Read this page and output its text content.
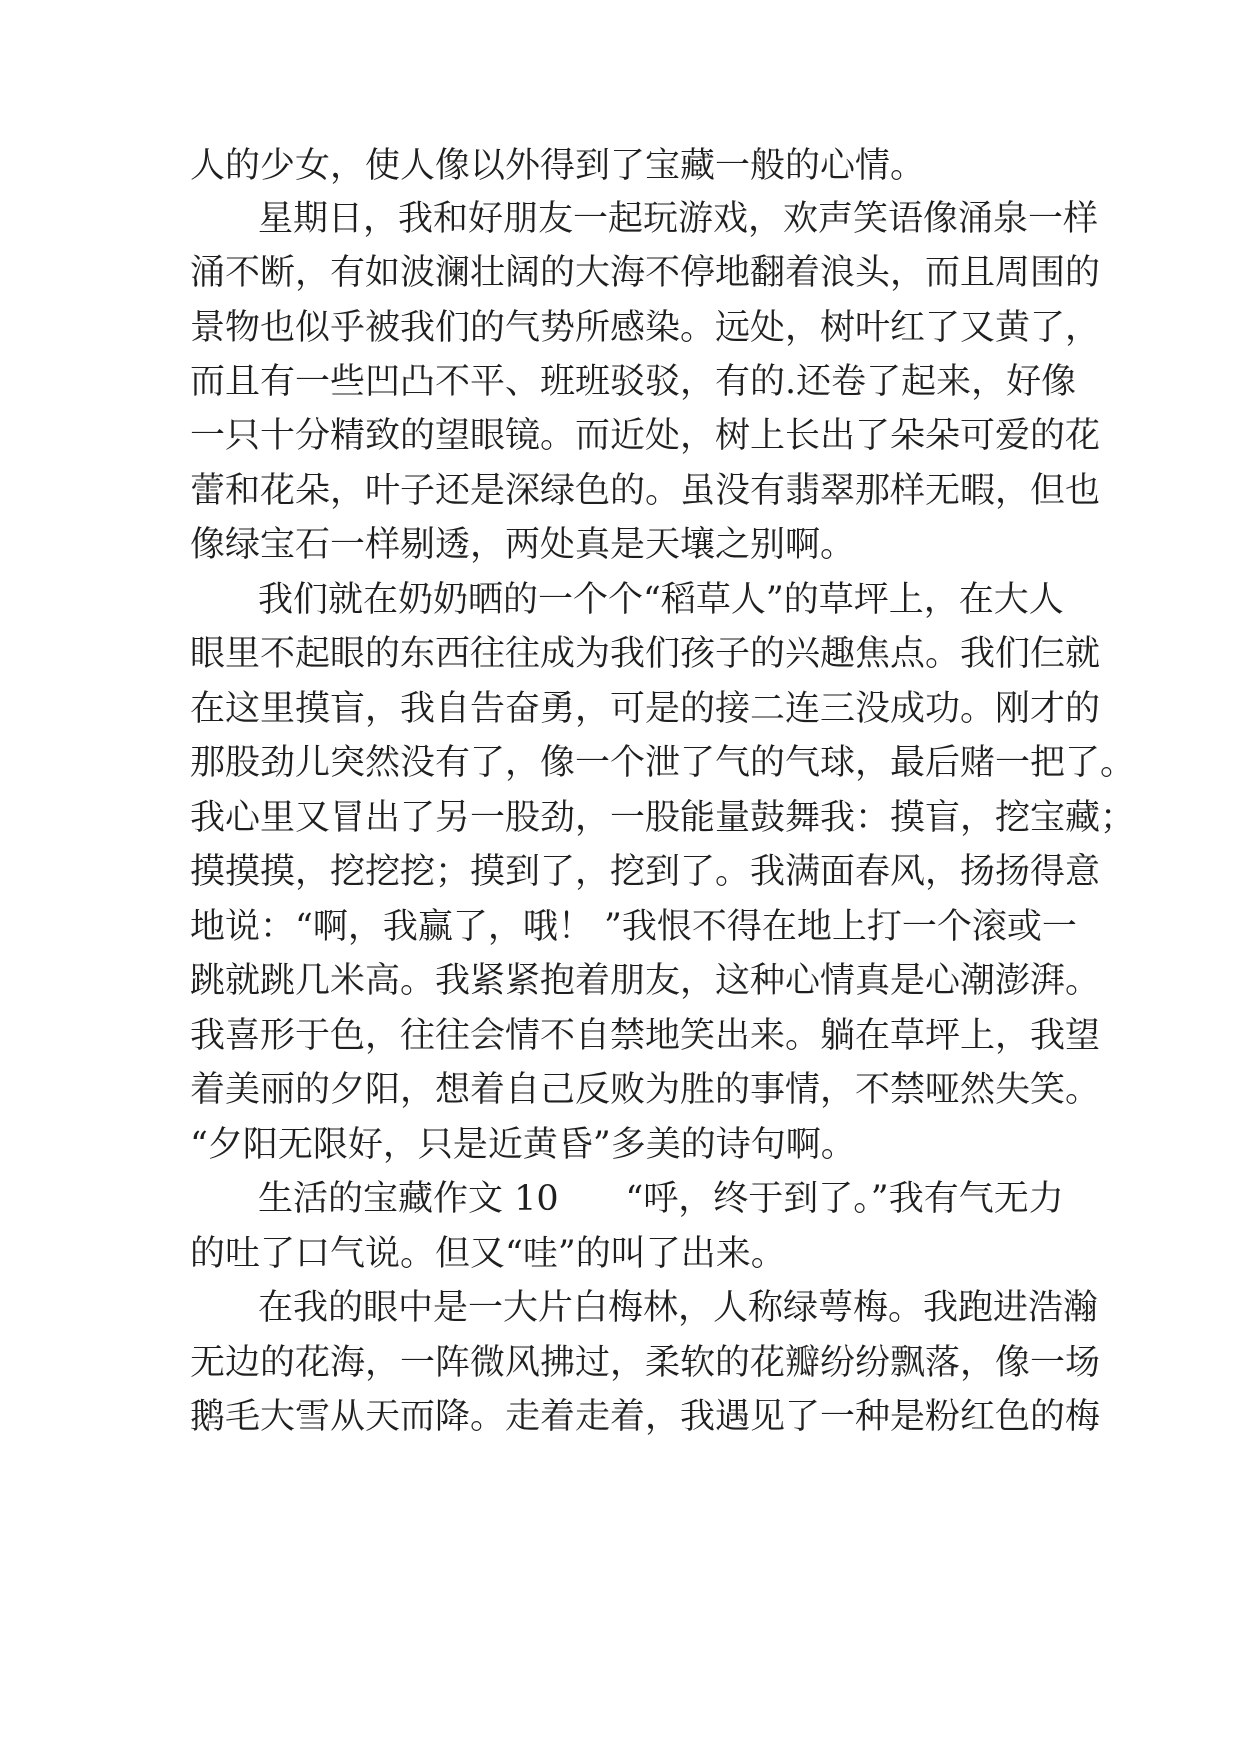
人的少女，使人像以外得到了宝藏一般的心情。
星期日，我和好朋友一起玩游戏，欢声笑语像涌泉一样
涌不断，有如波澜壮阔的大海不停地翻着浪头，而且周围的
景物也似乎被我们的气势所感染。远处，树叶红了又黄了，
而且有一些凹凸不平、班班驳驳，有的.还卷了起来，好像
一只十分精致的望眼镜。而近处，树上长出了朵朵可爱的花
蕾和花朵，叶子还是深绿色的。虽没有翡翠那样无暇，但也
像绿宝石一样剔透，两处真是天壤之别啊。
我们就在奶奶晒的一个个“稻草人”的草坪上，在大人
眼里不起眼的东西往往成为我们孩子的兴趣焦点。我们仨就
在这里摸盲，我自告奋勇，可是的接二连三没成功。刚才的
那股劲儿突然没有了，像一个泄了气的气球，最后赌一把了。
我心里又冒出了另一股劲，一股能量鼓舞我：摸盲，挖宝藏；
摸摸摸，挖挖挖；摸到了，挖到了。我满面春风，扬扬得意
地说：“啊，我赢了，哦！ ”我恨不得在地上打一个滚或一
跳就跳几米高。我紧紧抱着朋友，这种心情真是心潮澎湃。
我喜形于色，往往会情不自禁地笑出来。躺在草坪上，我望
着美丽的夕阳，想着自己反败为胜的事情，不禁哑然失笑。
“夕阳无限好，只是近黄昏”多美的诗句啊。
生活的宝藏作文 10      “呼，终于到了。”我有气无力
的吐了口气说。但又“哇”的叫了出来。
在我的眼中是一大片白梅林，人称绿萼梅。我跑进浩瀚
无边的花海，一阵微风拂过，柔软的花瓣纷纷飘落，像一场
鹅毛大雪从天而降。走着走着，我遇见了一种是粉红色的梅
